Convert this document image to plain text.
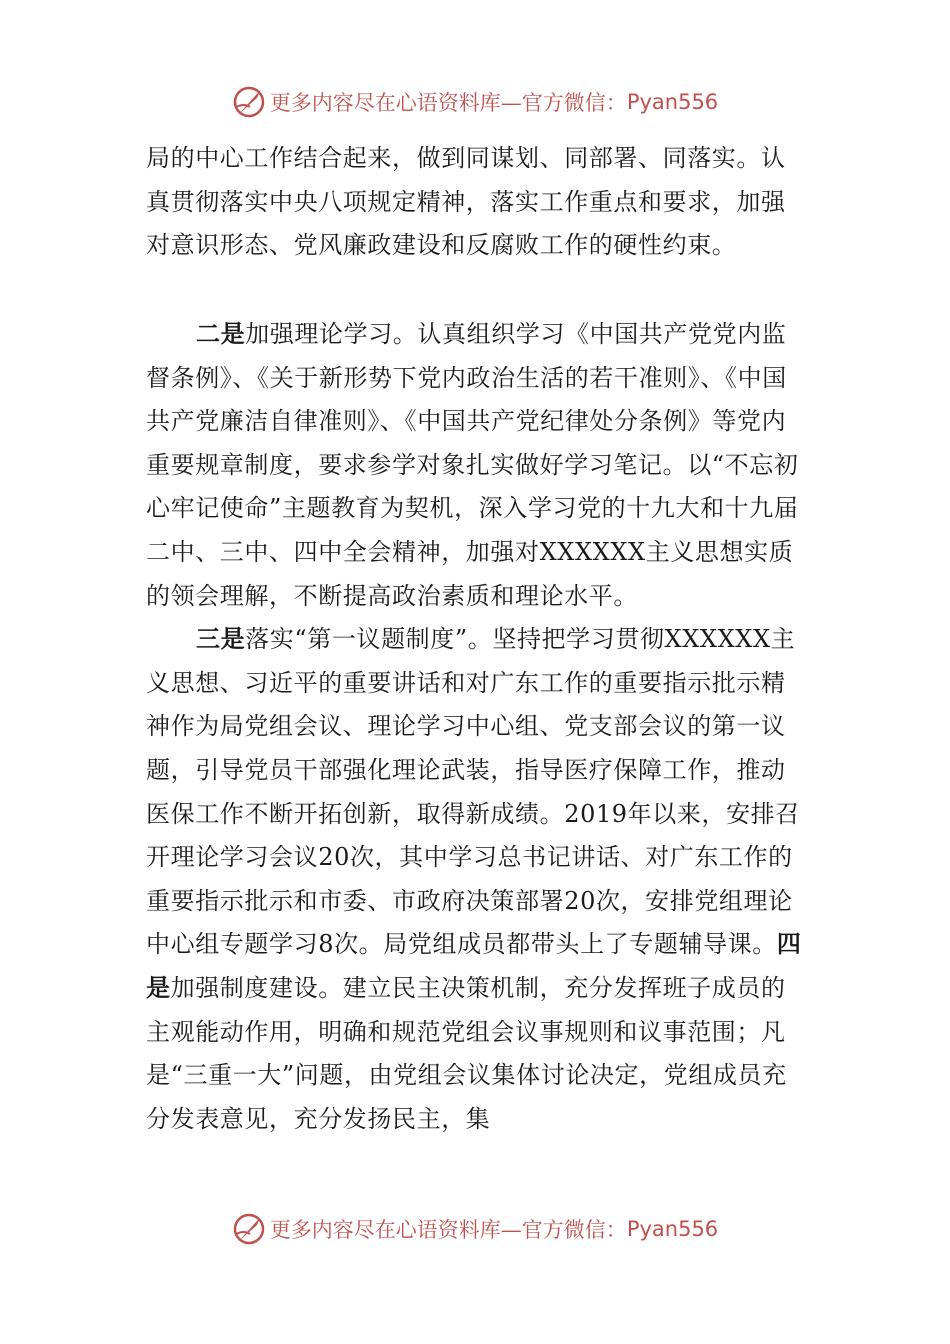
更多内容尽在心语资料库—官方微信： Pyan556

局的中心工作结合起来，做到同谋划、同部署、同落实。认真贯彻落实中央八项规定精神，落实工作重点和要求，加强对意识形态、党风廉政建设和反腐败工作的硬性约束。

二是加强理论学习。认真组织学习《中国共产党党内监督条例》、《关于新形势下党内政治生活的若干准则》、《中国共产党廉洁自律准则》、《中国共产党纪律处分条例》等党内重要规章制度，要求参学对象扎实做好学习笔记。以“不忘初心牢记使命”主题教育为契机，深入学习党的十九大和十九届二中、三中、四中全会精神，加强对XXXXXX主义思想实质的领会理解，不断提高政治素质和理论水平。

三是落实“第一议题制度”。坚持把学习贯彻XXXXXX主义思想、习近平的重要讲话和对广东工作的重要指示批示精神作为局党组会议、理论学习中心组、党支部会议的第一议题，引导党员干部强化理论武装，指导医疗保障工作，推动医保工作不断开拓创新，取得新成绩。2019年以来，安排召开理论学习会议20次，其中学习总书记讲话、对广东工作的重要指示批示和市委、市政府决策部署20次，安排党组理论中心组专题学习8次。局党组成员都带头上了专题辅导课。四是加强制度建设。建立民主决策机制，充分发挥班子成员的主观能动作用，明确和规范党组会议事规则和议事范围；凡是“三重一大”问题，由党组会议集体讨论决定，党组成员充分发表意见，充分发扬民主，集

更多内容尽在心语资料库—官方微信： Pyan556
